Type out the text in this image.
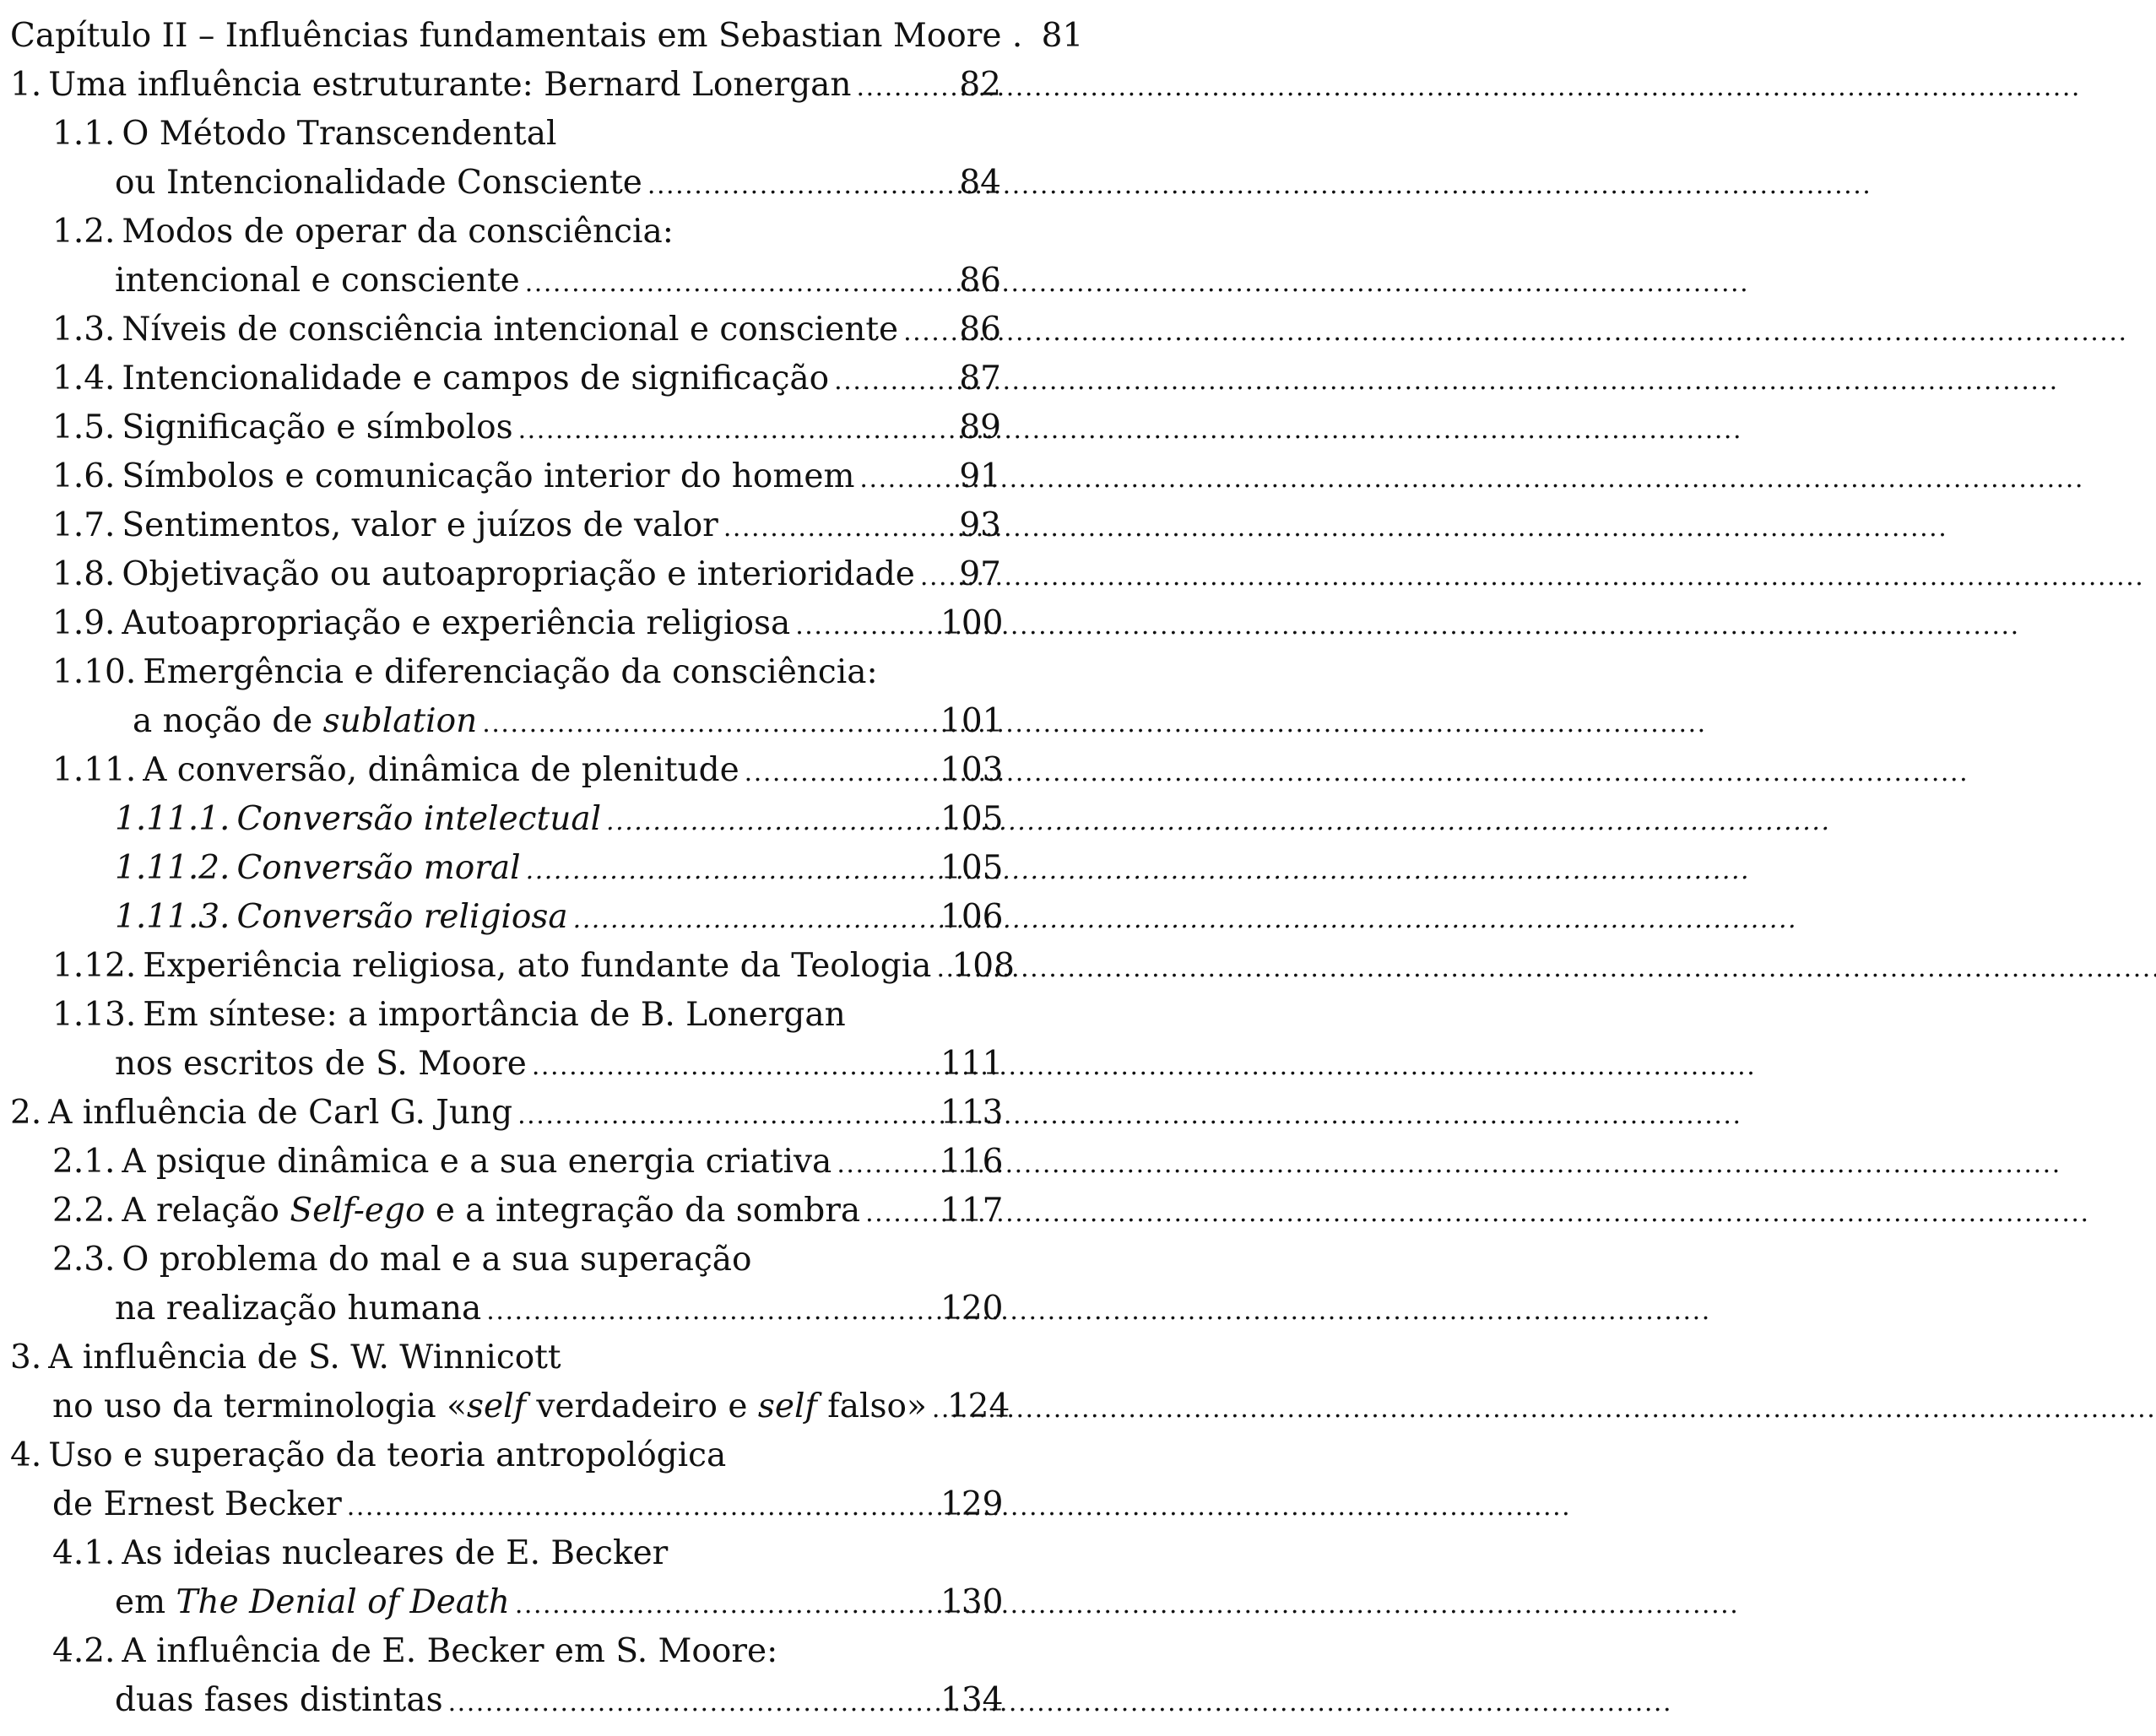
Capítulo II – Influências fundamentais em Sebastian Moore . 81
1. Uma influência estruturante: Bernard Lonergan . . .	82
1.1. O Método Transcendental
ou Intencionalidade Consciente . . .	84
1.2. Modos de operar da consciência:
intencional e consciente . . .	86
1.3. Níveis de consciência intencional e consciente . . .	86
1.4. Intencionalidade e campos de significação . . .	87
1.5. Significação e símbolos . . .	89
1.6. Símbolos e comunicação interior do homem . . .	91
1.7. Sentimentos, valor e juízos de valor . . .	93
1.8. Objetivação ou autoapropriação e interioridade . . .	97
1.9. Autoapropriação e experiência religiosa . . .	100
1.10. Emergência e diferenciação da consciência:
a noção de sublation . . .	101
1.11. A conversão, dinâmica de plenitude . . .	103
1.11.1. Conversão intelectual . . .	105
1.11.2. Conversão moral . . .	105
1.11.3. Conversão religiosa . . .	106
1.12. Experiência religiosa, ato fundante da Teologia . . . 108
1.13. Em síntese: a importância de B. Lonergan
nos escritos de S. Moore . . .	111
2. A influência de Carl G. Jung . . .	113
2.1. A psique dinâmica e a sua energia criativa . . .	116
2.2. A relação Self-ego e a integração da sombra . . . 117
2.3. O problema do mal e a sua superação
na realização humana . . .	120
3. A influência de S. W. Winnicott
no uso da terminologia «self verdadeiro e self falso» . . . 124
4. Uso e superação da teoria antropológica
de Ernest Becker . . .	129
4.1. As ideias nucleares de E. Becker
em The Denial of Death . . .	130
4.2. A influência de E. Becker em S. Moore:
duas fases distintas . . .	134
